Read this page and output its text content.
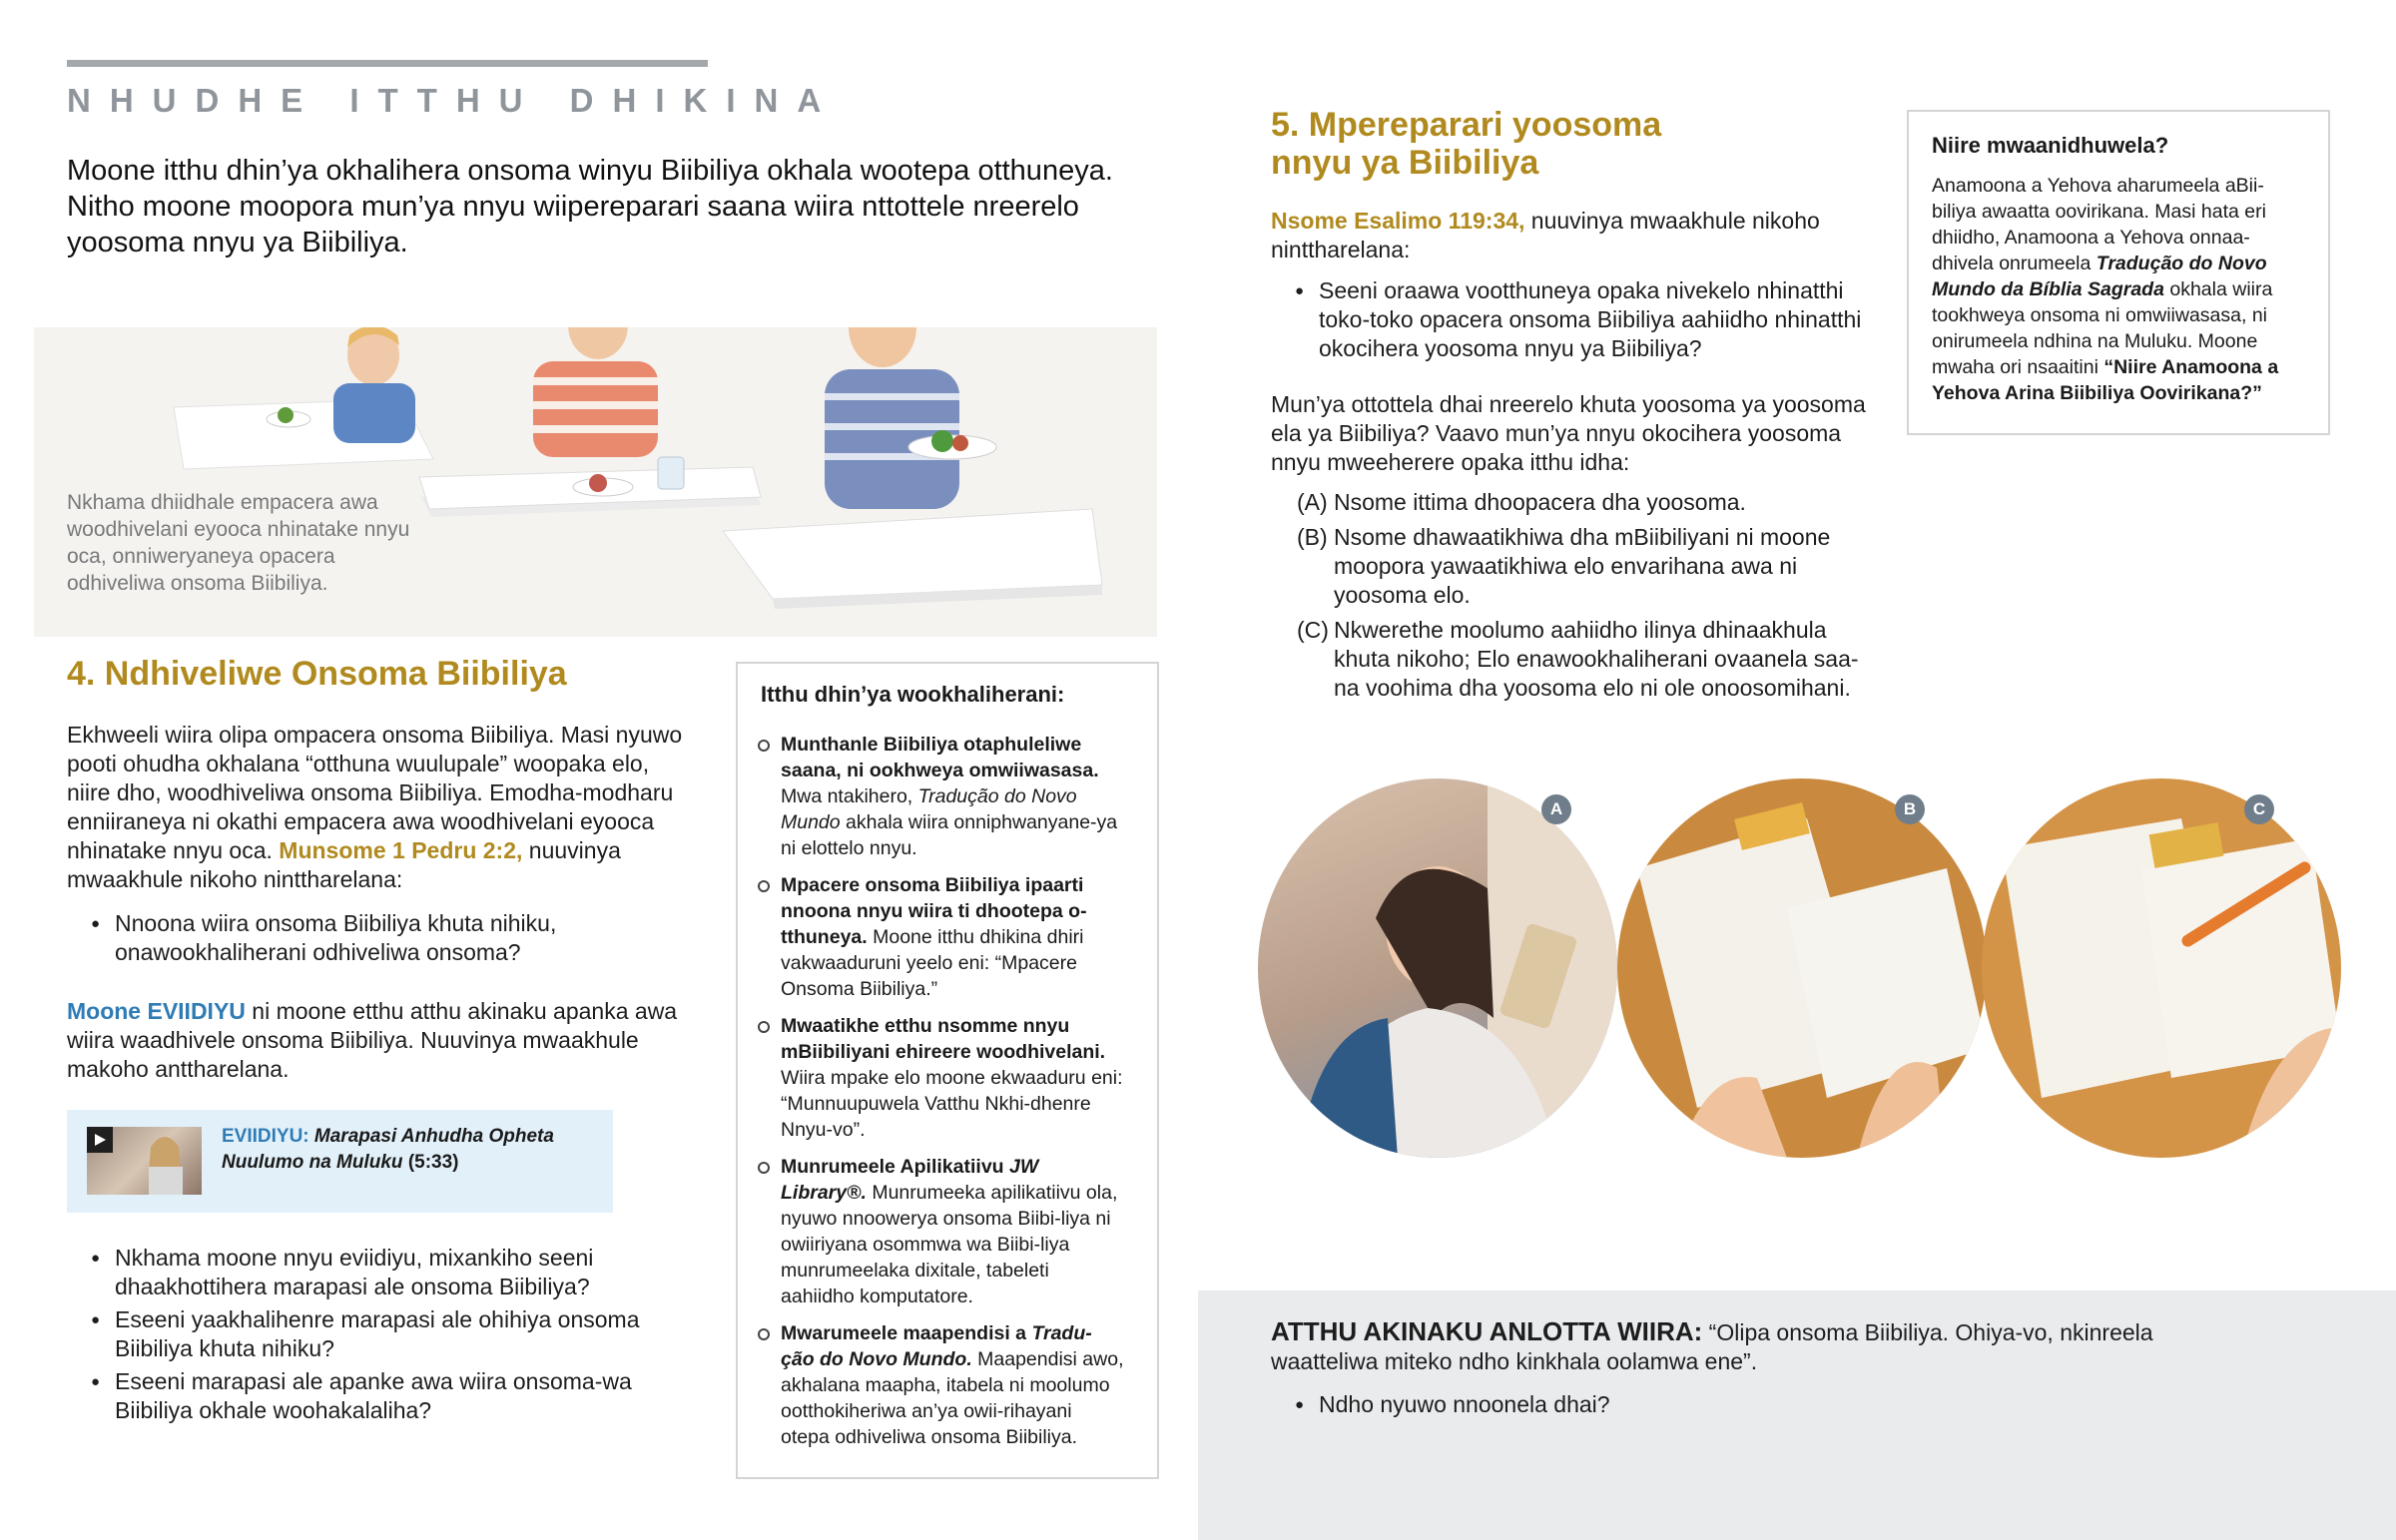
NHUDHE ITTHU DHIKINA
Moone itthu dhin’ya okhalihera onsoma winyu Biibiliya okhala wootepa otthuneya. Nitho moone moopora mun’ya nnyu wiipereparari saana wiira nttottele nreerelo yoosoma nnyu ya Biibiliya.
Nkhama dhiidhale empacera awa woodhivelani eyooca nhinatake nnyu oca, onniweryaneya opacera odhiveliwa onsoma Biibiliya.
4. Ndhiveliwe Onsoma Biibiliya
Ekhweeli wiira olipa ompacera onsoma Biibiliya. Masi nyuwo pooti ohudha okhalana “otthuna wuulupale” woopaka elo, niire dho, woodhiveliwa onsoma Biibiliya. Emodha-modharu enniiraneya ni okathi empacera awa woodhivelani eyooca nhinatake nnyu oca. Munsome 1 Pedru 2:2, nuuvinya mwaakhule nikoho ninttharelana:
● Nnoona wiira onsoma Biibiliya khuta nihiku, onawookhaliherani odhiveliwa onsoma?
Moone EVIIDIYU ni moone etthu atthu akinaku apanka awa wiira waadhivele onsoma Biibiliya. Nuuvinya mwaakhule makoho anttharelana.
EVIIDIYU: Marapasi Anhudha Opheta Nuulumo na Muluku (5:33)
● Nkhama moone nnyu eviidiyu, mixankiho seeni dhaakhottihera marapasi ale onsoma Biibiliya?
● Eseeni yaakhalihenre marapasi ale ohihiya onsoma Biibiliya khuta nihiku?
● Eseeni marapasi ale apanke awa wiira onsoma-wa Biibiliya okhale woohakalaliha?
Itthu dhin’ya wookhaliherani:
Munthanle Biibiliya otaphuleliwe saana, ni ookhweya omwiiwasasa. Mwa ntakihero, Tradução do Novo Mundo akhala wiira onniphwanyane-ya ni elottelo nnyu.
Mpacere onsoma Biibiliya ipaarti nnoona nnyu wiira ti dhootepa o-tthuneya. Moone itthu dhikina dhiri vakwaaduruni yeelo eni: “Mpacere Onsoma Biibiliya.”
Mwaatikhe etthu nsomme nnyu mBiibiliyani ehireere woodhivelani. Wiira mpake elo moone ekwaaduru eni: “Munnuupuwela Vatthu Nkhi-dhenre Nnyu-vo”.
Munrumeele Apilikatiivu JW Library®. Munrumeeka apilikatiivu ola, nyuwo nnoowerya onsoma Biibi-liya ni owiiriyana osommwa wa Biibi-liya munrumeelaka dixitale, tabeleti aahiidho komputatore.
Mwarumeele maapendisi a Tradu-ção do Novo Mundo. Maapendisi awo, akhalana maapha, itabela ni moolumo ootthokiheriwa an’ya owii-rihayani otepa odhiveliwa onsoma Biibiliya.
5. Mpereparari yoosoma nnyu ya Biibiliya
Nsome Esalimo 119:34, nuuvinya mwaakhule nikoho ninttharelana:
● Seeni oraawa vootthuneya opaka nivekelo nhinatthi toko-toko opacera onsoma Biibiliya aahiidho nhinatthi okocihera yoosoma nnyu ya Biibiliya?
Mun’ya ottottela dhai nreerelo khuta yoosoma ya yoosoma ela ya Biibiliya? Vaavo mun’ya nnyu okocihera yoosoma nnyu mweeherere opaka itthu idha:
(A) Nsome ittima dhoopacera dha yoosoma.
(B) Nsome dhawaatikhiwa dha mBiibiliyani ni moone moopora yawaatikhiwa elo envarihana awa ni yoosoma elo.
(C) Nkwerethe moolumo aahiidho ilinya dhinaakhula khuta nikoho; Elo enawookhaliherani ovaanela saa-na voohima dha yoosoma elo ni ole onoosomihani.
Niire mwaanidhuwela?
Anamoona a Yehova aharumeela aBii-biliya awaatta oovirikana. Masi hata eri dhiidho, Anamoona a Yehova onnaa-dhivela onrumeela Tradução do Novo Mundo da Bíblia Sagrada okhala wiira tookhweya onsoma ni omwiiwasasa, ni onirumeela ndhina na Muluku. Moone mwaha ori nsaaitini “Niire Anamoona a Yehova Arina Biibiliya Oovirikana?”
A	B	C
ATTHU AKINAKU ANLOTTA WIIRA: “Olipa onsoma Biibiliya. Ohiya-vo, nkinreela waatteliwa miteko ndho kinkhala oolamwa ene”.
● Ndho nyuwo nnoonela dhai?
